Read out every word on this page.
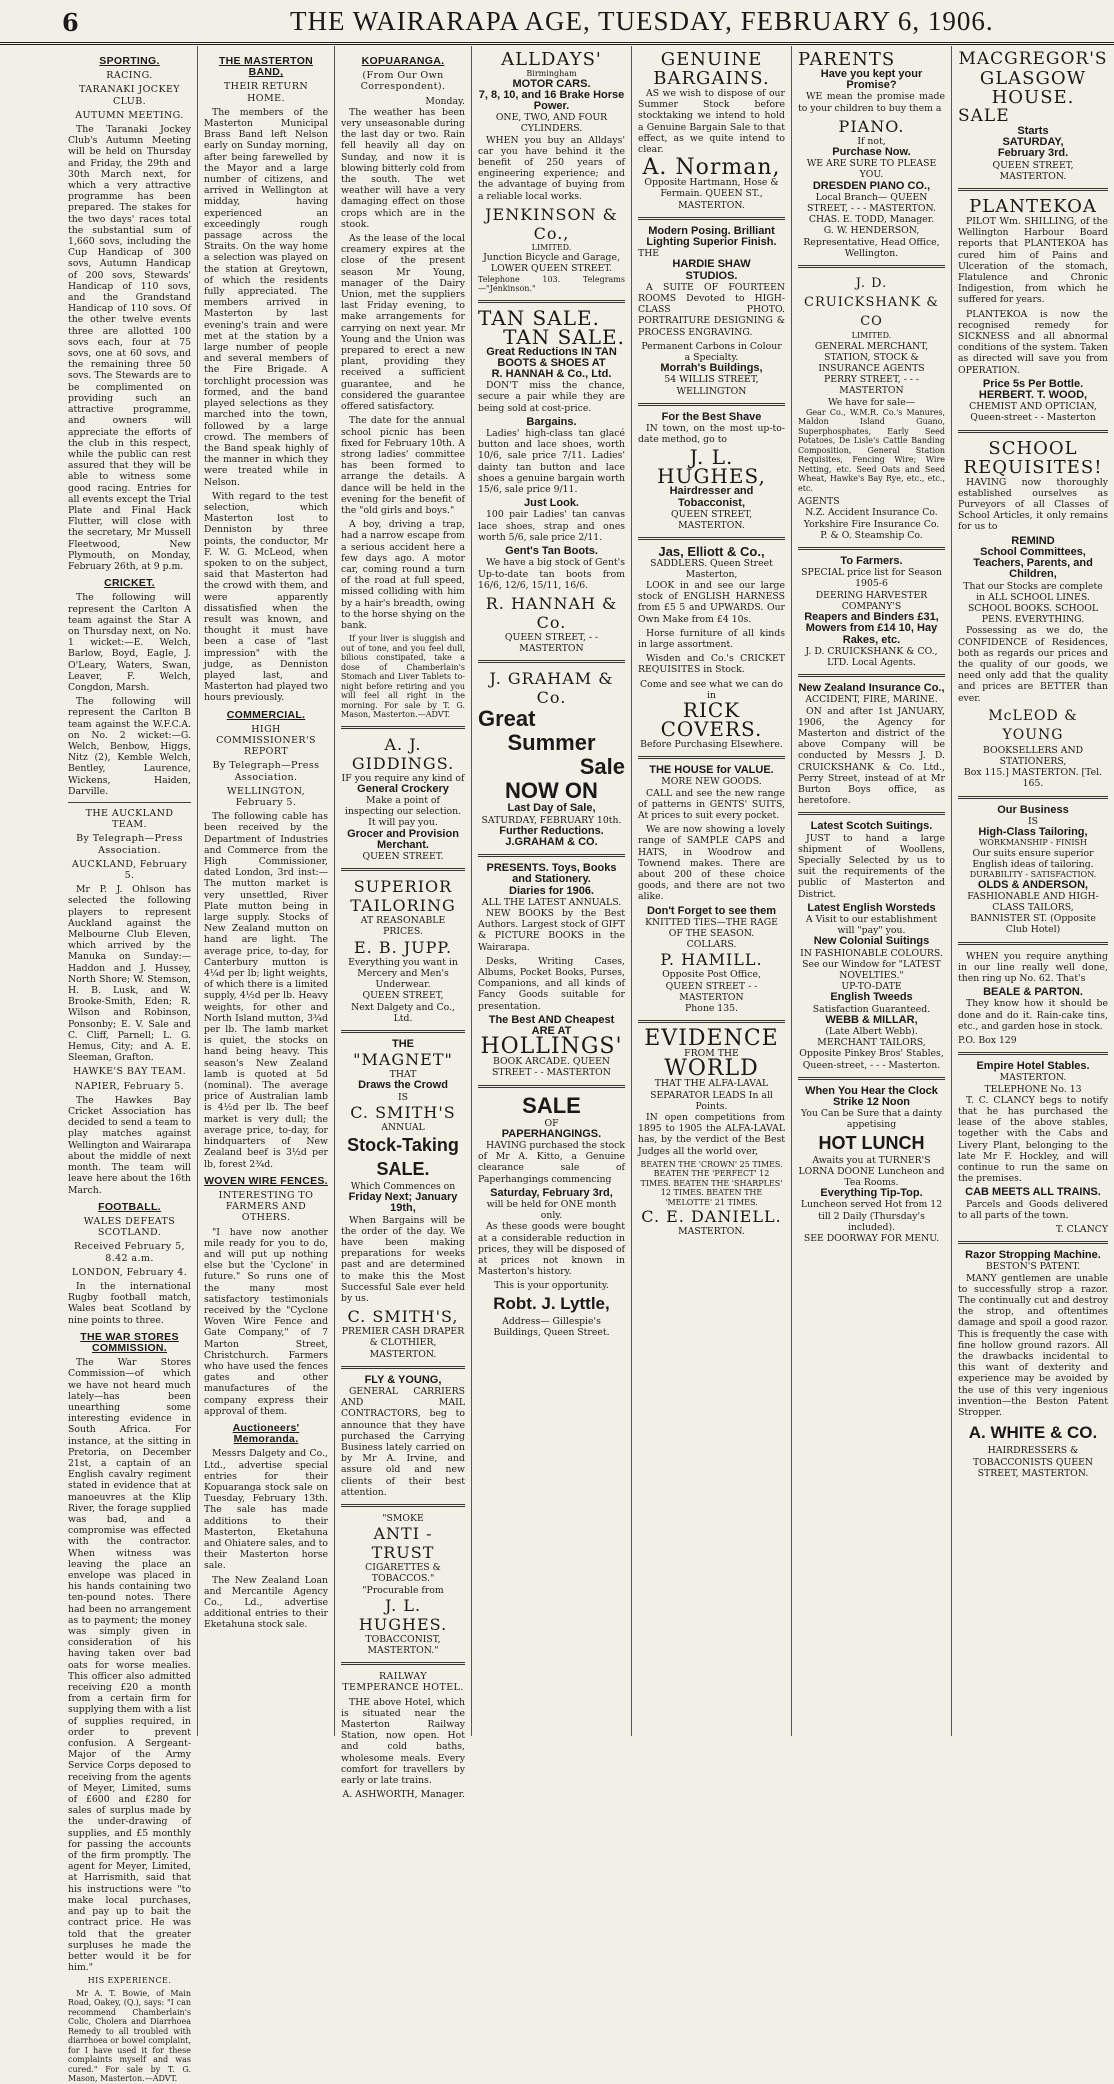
6	THE WAIRARAPA AGE, TUESDAY, FEBRUARY 6, 1906.
SPORTING.
RACING.
TARANAKI JOCKEY CLUB.
AUTUMN MEETING.

The Taranaki Jockey Club's Autumn Meeting will be held on Thursday and Friday, the 29th and 30th March next, for which a very attractive programme has been prepared. The stakes for the two days' races total the substantial sum of 1,660 sovs, including the Cup Handicap of 300 sovs, Autumn Handicap of 200 sovs, Stewards' Handicap of 110 sovs, and the Grandstand Handicap of 110 sovs. Of the other twelve events three are allotted 100 sovs each, four at 75 sovs, one at 60 sovs, and the remaining three 50 sovs. The Stewards are to be complimented on providing such an attractive programme, and owners will appreciate the efforts of the club in this respect, while the public can rest assured that they will be able to witness some good racing. Entries for all events except the Trial Plate and Final Hack Flutter, will close with the secretary, Mr Mussell Fleetwood, New Plymouth, on Monday, February 26th, at 9 p.m.

CRICKET.

The following will represent the Carlton A team against the Star A on Thursday next, on No. 1 wicket:—E. Welch, Barlow, Boyd, Eagle, J. O'Leary, Waters, Swan, Leaver, F. Welch, Congdon, Marsh.

The following will represent the Carlton B team against the W.F.C.A. on No. 2 wicket:—G. Welch, Benbow, Higgs, Nitz (2), Kemble Welch, Bentley, Laurence, Wickens, Haiden, Darville.

THE AUCKLAND TEAM.
By Telegraph—Press Association.
AUCKLAND, February 5.

Mr P. J. Ohlson has selected the following players to represent Auckland against the Melbourne Club Eleven, which arrived by the Manuka on Sunday:—Haddon and J. Hussey, North Shore; W. Stemson, H. B. Lusk, and W. Brooke-Smith, Eden; R. Wilson and Robinson, Ponsonby; E. V. Sale and C. Cliff, Parnell; L. G. Hemus, City; and A. E. Sleeman, Grafton.

HAWKE'S BAY TEAM.
NAPIER, February 5.

The Hawkes Bay Cricket Association has decided to send a team to play matches against Wellington and Wairarapa about the middle of next month. The team will leave here about the 16th March.

FOOTBALL.
WALES DEFEATS SCOTLAND.
Received February 5, 8.42 a.m.
LONDON, February 4.

In the international Rugby football match, Wales beat Scotland by nine points to three.

THE WAR STORES COMMISSION.

The War Stores Commission—of which we have not heard much lately—has been unearthing some interesting evidence in South Africa. For instance, at the sitting in Pretoria, on December 21st, a captain of an English cavalry regiment stated in evidence that at manoeuvres at the Klip River, the forage supplied was bad, and a compromise was effected with the contractor. When witness was leaving the place an envelope was placed in his hands containing two ten-pound notes. There had been no arrangement as to payment; the money was simply given in consideration of his having taken over bad oats for worse mealies. This officer also admitted receiving £20 a month from a certain firm for supplying them with a list of supplies required, in order to prevent confusion. A Sergeant-Major of the Army Service Corps deposed to receiving from the agents of Meyer, Limited, sums of £600 and £280 for sales of surplus made by the under-drawing of supplies, and £5 monthly for passing the accounts of the firm promptly. The agent for Meyer, Limited, at Harrismith, said that his instructions were "to make local purchases, and pay up to bait the contract price. He was told that the greater surpluses he made the better would it be for him."

HIS EXPERIENCE.

Mr A. T. Bowie, of Main Road, Oakey, (Q.), says: "I can recommend Chamberlain's Colic, Cholera and Diarrhoea Remedy to all troubled with diarrhoea or bowel complaint, for I have used it for these complaints myself and was cured." For sale by T. G. Mason, Masterton.—ADVT.

THE MASTERTON BAND,
THEIR RETURN HOME.

The members of the Masterton Municipal Brass Band left Nelson early on Sunday morning, after being farewelled by the Mayor and a large number of citizens, and arrived in Wellington at midday, having experienced an exceedingly rough passage across the Straits. On the way home a selection was played on the station at Greytown, of which the residents fully appreciated. The members arrived in Masterton by last evening's train and were met at the station by a large number of people and several members of the Fire Brigade. A torchlight procession was formed, and the band played selections as they marched into the town, followed by a large crowd. The members of the Band speak highly of the manner in which they were treated while in Nelson.

With regard to the test selection, which Masterton lost to Denniston by three points, the conductor, Mr F. W. G. McLeod, when spoken to on the subject, said that Masterton had the crowd with them, and were apparently dissatisfied when the result was known, and thought it must have been a case of "last impression" with the judge, as Denniston played last, and Masterton had played two hours previously.

COMMERCIAL.
HIGH COMMISSIONER'S REPORT
By Telegraph—Press Association.
WELLINGTON, February 5.

The following cable has been received by the Department of Industries and Commerce from the High Commissioner, dated London, 3rd inst:—The mutton market is very unsettled, River Plate mutton being in large supply. Stocks of New Zealand mutton on hand are light. The average price, to-day, for Canterbury mutton is 4¼d per lb; light weights, of which there is a limited supply, 4½d per lb. Heavy weights, for other and North Island mutton, 3¾d per lb. The lamb market is quiet, the stocks on hand being heavy. This season's New Zealand lamb is quoted at 5d (nominal). The average price of Australian lamb is 4½d per lb. The beef market is very dull; the average price, to-day, for hindquarters of New Zealand beef is 3½d per lb, forest 2¾d.

WOVEN WIRE FENCES.
INTERESTING TO FARMERS AND OTHERS.

"I have now another mile ready for you to do, and will put up nothing else but the 'Cyclone' in future." So runs one of the many most satisfactory testimonials received by the "Cyclone Woven Wire Fence and Gate Company," of 7 Marton Street, Christchurch. Farmers who have used the fences gates and other manufactures of the company express their approval of them.

Auctioneers' Memoranda.

Messrs Dalgety and Co., Ltd., advertise special entries for their Kopuaranga stock sale on Tuesday, February 13th. The sale has made additions to their Masterton, Eketahuna and Ohiatere sales, and to their Masterton horse sale.

The New Zealand Loan and Mercantile Agency Co., Ld., advertise additional entries to their Eketahuna stock sale.

KOPUARANGA.
(From Our Own Correspondent).
Monday.

The weather has been very unseasonable during the last day or two. Rain fell heavily all day on Sunday, and now it is blowing bitterly cold from the south. The wet weather will have a very damaging effect on those crops which are in the stook.

As the lease of the local creamery expires at the close of the present season Mr Young, manager of the Dairy Union, met the suppliers last Friday evening, to make arrangements for carrying on next year. Mr Young and the Union was prepared to erect a new plant, providing they received a sufficient guarantee, and he considered the guarantee offered satisfactory.

The date for the annual school picnic has been fixed for February 10th. A strong ladies' committee has been formed to arrange the details. A dance will be held in the evening for the benefit of the "old girls and boys."

A boy, driving a trap, had a narrow escape from a serious accident here a few days ago. A motor car, coming round a turn of the road at full speed, missed colliding with him by a hair's breadth, owing to the horse shying on the bank.

If your liver is sluggish and out of tone, and you feel dull, bilious constipated, take a dose of Chamberlain's Stomach and Liver Tablets to-night before retiring and you will feel all right in the morning. For sale by T. G. Mason, Masterton.—ADVT.

A. J. GIDDINGS.
IF you require any kind of
General Crockery
Make a point of inspecting our selection. It will pay you.
Grocer and Provision Merchant.
QUEEN STREET.
SUPERIOR
TAILORING
AT REASONABLE PRICES.
E. B. JUPP.
Everything you want in Mercery and Men's Underwear.
QUEEN STREET,
Next Dalgety and Co., Ltd.
THE
"MAGNET"
THAT
Draws the Crowd
IS
C. SMITH'S
ANNUAL
Stock-Taking SALE.
Which Commences on
Friday Next; January 19th,

When Bargains will be the order of the day. We have been making preparations for weeks past and are determined to make this the Most Successful Sale ever held by us.

C. SMITH'S,
PREMIER CASH DRAPER & CLOTHIER, MASTERTON.
FLY & YOUNG,

GENERAL CARRIERS AND MAIL CONTRACTORS, beg to announce that they have purchased the Carrying Business lately carried on by Mr A. Irvine, and assure old and new clients of their best attention.

"SMOKE
ANTI - TRUST
CIGARETTES & TOBACCOS."
"Procurable from
J. L. HUGHES.
TOBACCONIST, MASTERTON."
RAILWAY TEMPERANCE HOTEL.

THE above Hotel, which is situated near the Masterton Railway Station, now open. Hot and cold baths, wholesome meals. Every comfort for travellers by early or late trains.

A. ASHWORTH, Manager.
ALLDAYS'
Birmingham
MOTOR CARS.
7, 8, 10, and 16 Brake Horse Power.
ONE, TWO, AND FOUR CYLINDERS.

WHEN you buy an Alldays' car you have behind it the benefit of 250 years of engineering experience; and the advantage of buying from a reliable local works.

JENKINSON & Co.,
LIMITED.
Junction Bicycle and Garage, LOWER QUEEN STREET.
Telephone 103. Telegrams—"Jenkinson."
TAN SALE.
TAN SALE.
Great Reductions IN TAN BOOTS & SHOES AT
R. HANNAH & Co., Ltd.

DON'T miss the chance, secure a pair while they are being sold at cost-price.

Bargains.

Ladies' high-class tan glacé button and lace shoes, worth 10/6, sale price 7/11. Ladies' dainty tan button and lace shoes a genuine bargain worth 15/6, sale price 9/11.

Just Look.

100 pair Ladies' tan canvas lace shoes, strap and ones worth 5/6, sale price 2/11.

Gent's Tan Boots.

We have a big stock of Gent's Up-to-date tan boots from 16/6, 12/6, 15/11, 16/6.

R. HANNAH & Co.
QUEEN STREET, - - MASTERTON
J. GRAHAM & Co.
Great
Summer
Sale
NOW ON
Last Day of Sale,
SATURDAY, FEBRUARY 10th.
Further Reductions.
J.GRAHAM & CO.
PRESENTS. Toys, Books and Stationery.
Diaries for 1906.
ALL THE LATEST ANNUALS.

NEW BOOKS by the Best Authors. Largest stock of GIFT & PICTURE BOOKS in the Wairarapa.

Desks, Writing Cases, Albums, Pocket Books, Purses, Companions, and all kinds of Fancy Goods suitable for presentation.

The Best AND Cheapest ARE AT
HOLLINGS'
BOOK ARCADE. QUEEN STREET - - MASTERTON
SALE
OF
PAPERHANGINGS.

HAVING purchased the stock of Mr A. Kitto, a Genuine clearance sale of Paperhangings commencing

Saturday, February 3rd,
will be held for ONE month only.

As these goods were bought at a considerable reduction in prices, they will be disposed of at prices not known in Masterton's history.

This is your opportunity.
Robt. J. Lyttle,
Address— Gillespie's Buildings, Queen Street.
GENUINE
BARGAINS.

AS we wish to dispose of our Summer Stock before stocktaking we intend to hold a Genuine Bargain Sale to that effect, as we quite intend to clear.

A. Norman,
Opposite Hartmann, Hose & Fermain. QUEEN ST., MASTERTON.
Modern Posing. Brilliant Lighting Superior Finish.
THE
HARDIE SHAW
STUDIOS.

A SUITE OF FOURTEEN ROOMS Devoted to HIGH-CLASS PHOTO. PORTRAITURE DESIGNING & PROCESS ENGRAVING.

Permanent Carbons in Colour a Specialty.
Morrah's Buildings,
54 WILLIS STREET, WELLINGTON
For the Best Shave

IN town, on the most up-to-date method, go to

J. L. HUGHES,
Hairdresser and Tobacconist,
QUEEN STREET, MASTERTON.
Jas, Elliott & Co.,
SADDLERS. Queen Street Masterton,

LOOK in and see our large stock of ENGLISH HARNESS from £5 5 and UPWARDS. Our Own Make from £4 10s.

Horse furniture of all kinds in large assortment.

Wisden and Co.'s CRICKET REQUISITES in Stock.

Come and see what we can do in
RICK COVERS.
Before Purchasing Elsewhere.
THE HOUSE for VALUE.
MORE NEW GOODS.

CALL and see the new range of patterns in GENTS' SUITS, At prices to suit every pocket.

We are now showing a lovely range of SAMPLE CAPS and HATS, in Woodrow and Townend makes. There are about 200 of these choice goods, and there are not two alike.

Don't Forget to see them
KNITTED TIES—THE RAGE OF THE SEASON.
COLLARS.
P. HAMILL.
Opposite Post Office,
QUEEN STREET - - MASTERTON
Phone 135.
EVIDENCE
FROM THE
WORLD
THAT THE ALFA-LAVAL SEPARATOR LEADS In all Points.

IN open competitions from 1895 to 1905 the ALFA-LAVAL has, by the verdict of the Best Judges all the world over,

BEATEN THE 'CROWN' 25 TIMES. BEATEN THE 'PERFECT' 12 TIMES. BEATEN THE 'SHARPLES' 12 TIMES. BEATEN THE 'MELOTTE' 21 TIMES.
C. E. DANIELL.
MASTERTON.
PARENTS
Have you kept your Promise?

WE mean the promise made to your children to buy them a

PIANO.
If not,
Purchase Now.
WE ARE SURE TO PLEASE YOU.
DRESDEN PIANO CO.,
Local Branch— QUEEN STREET, - - - MASTERTON.
CHAS. E. TODD, Manager.
G. W. HENDERSON, Representative, Head Office, Wellington.
J. D. CRUICKSHANK & CO
LIMITED.
GENERAL MERCHANT, STATION, STOCK & INSURANCE AGENTS
PERRY STREET, - - - MASTERTON
We have for sale—

Gear Co., W.M.R. Co.'s Manures, Maldon Island Guano, Superphosphates, Early Seed Potatoes, De Lisle's Cattle Banding Composition, General Station Requisites, Fencing Wire; Wire Netting, etc. Seed Oats and Seed Wheat, Hawke's Bay Rye, etc., etc., etc.

AGENTS
N.Z. Accident Insurance Co.
Yorkshire Fire Insurance Co.
P. & O. Steamship Co.
To Farmers.
SPECIAL price list for Season 1905-6
DEERING HARVESTER COMPANY'S
Reapers and Binders £31, Mowers from £14 10, Hay Rakes, etc.
J. D. CRUICKSHANK & CO., LTD. Local Agents.
New Zealand Insurance Co.,
ACCIDENT, FIRE, MARINE.

ON and after 1st JANUARY, 1906, the Agency for Masterton and district of the above Company will be conducted by Messrs J. D. CRUICKSHANK & Co. Ltd., Perry Street, instead of at Mr Burton Boys office, as heretofore.

Latest Scotch Suitings.

JUST to hand a large shipment of Woollens, Specially Selected by us to suit the requirements of the public of Masterton and District.

Latest English Worsteds
A Visit to our establishment will "pay" you.
New Colonial Suitings
IN FASHIONABLE COLOURS.
See our Window for "LATEST NOVELTIES."
UP-TO-DATE
English Tweeds
Satisfaction Guaranteed.
WEBB & MILLAR,
(Late Albert Webb).
MERCHANT TAILORS,
Opposite Pinkey Bros' Stables, Queen-street, - - - Masterton.
When You Hear the Clock Strike 12 Noon
You Can be Sure that a dainty appetising
HOT LUNCH
Awaits you at TURNER'S LORNA DOONE Luncheon and Tea Rooms.
Everything Tip-Top.
Luncheon served Hot from 12 till 2 Daily (Thursday's included).
SEE DOORWAY FOR MENU.
MACGREGOR'S
GLASGOW
HOUSE.
SALE
Starts
SATURDAY,
February 3rd.
QUEEN STREET, MASTERTON.
PLANTEKOA

PILOT Wm. SHILLING, of the Wellington Harbour Board reports that PLANTEKOA has cured him of Pains and Ulceration of the stomach, Flatulence and Chronic Indigestion, from which he suffered for years.

PLANTEKOA is now the recognised remedy for SICKNESS and all abnormal conditions of the system. Taken as directed will save you from OPERATION.

Price 5s Per Bottle.
HERBERT. T. WOOD,
CHEMIST AND OPTICIAN,
Queen-street - - Masterton
SCHOOL
REQUISITES!

HAVING now thoroughly established ourselves as Purveyors of all Classes of School Articles, it only remains for us to

REMIND
School Committees, Teachers, Parents, and Children,
That our Stocks are complete in ALL SCHOOL LINES.
SCHOOL BOOKS. SCHOOL PENS. EVERYTHING.

Possessing as we do, the CONFIDENCE of Residences, both as regards our prices and the quality of our goods, we need only add that the quality and prices are BETTER than ever.

McLEOD & YOUNG
BOOKSELLERS AND STATIONERS,
Box 115.] MASTERTON. [Tel. 165.
Our Business
IS
High-Class Tailoring,
WORKMANSHIP - FINISH
Our suits ensure superior English ideas of tailoring.
DURABILITY - SATISFACTION.
OLDS & ANDERSON,
FASHIONABLE AND HIGH-CLASS TAILORS,
BANNISTER ST. (Opposite Club Hotel)

WHEN you require anything in our line really well done, then ring up No. 62. That's

BEALE & PARTON.

They know how it should be done and do it. Rain-cake tins, etc., and garden hose in stock.

P.O. Box 129
Empire Hotel Stables.
MASTERTON.
TELEPHONE No. 13

T. C. CLANCY begs to notify that he has purchased the lease of the above stables, together with the Cabs and Livery Plant, belonging to the late Mr F. Hockley, and will continue to run the same on the premises.

CAB MEETS ALL TRAINS.

Parcels and Goods delivered to all parts of the town.

T. CLANCY
Razor Stropping Machine.
BESTON'S PATENT.

MANY gentlemen are unable to successfully strop a razor. The continually cut and destroy the strop, and oftentimes damage and spoil a good razor. This is frequently the case with fine hollow ground razors. All the drawbacks incidental to this want of dexterity and experience may be avoided by the use of this very ingenious invention—the Beston Patent Stropper.

A. WHITE & CO.
HAIRDRESSERS & TOBACCONISTS QUEEN STREET, MASTERTON.
